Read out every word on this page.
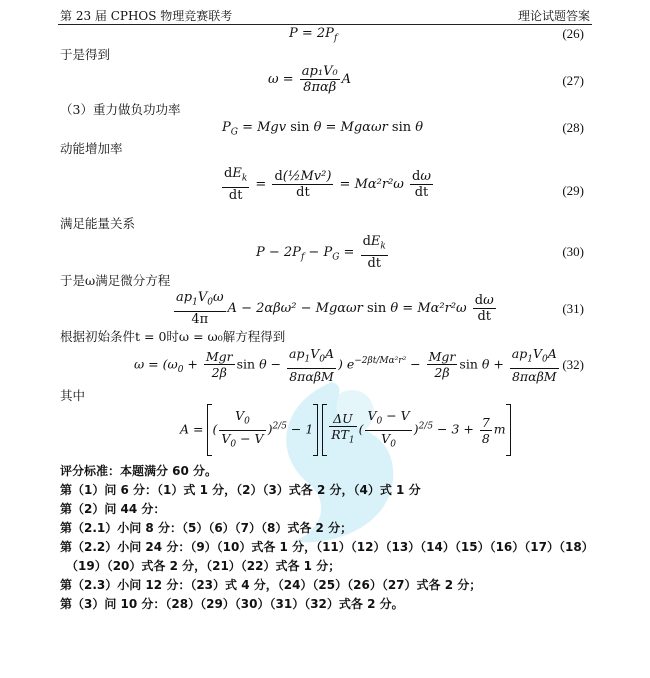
第 23 届 CPHOS 物理竞赛联考	理论试题答案
$P = 2P_f$	(26)
于是得到
$\omega = \frac{\text{ap₁V₀}}{\text{8παβ}}$ A	(27)
（3）重力做负功功率
$P_G$ = Mgv sin θ = Mgαωr sin θ	(28)
动能增加率
$\frac{dE_k}{dt} = \frac{\text{d(½Mv²)}}{dt} = M\alpha^2r^2\omega \frac{d\omega}{dt}$	(29)
满足能量关系
$P - 2P_f - P_G = \frac{dE_k}{dt}$	(30)
于是ω满足微分方程
$\frac{ap_1V_0\omega}{4\pi}$ A − 2αβω² − Mgαωr $\sin \theta = M\alpha^2r^2\omega \frac{d\omega}{dt}$	(31)
根据初始条件t = 0时ω = ω₀解方程得到
$\omega = (\omega_0 + \frac{\text{Mgr}}{2\beta}$ $\sin \theta - \frac{ap_1V_0A}{\text{8παβM}}$ ) $e^{-2\beta t/M\alpha^2r^2} - \frac{\text{Mgr}}{2\beta}$ $\sin \theta + \frac{ap_1V_0A}{\text{8παβM}} (32)$
其中
A = ( $\frac{V_0}{V_0 - V} )^{2/5} - 1 \frac{\Delta U}{RT_1}$ ( $\frac{V_0 - V}{V_0} )^{2/5} - 3 + \frac{7}{8}$ m
评分标准：本题满分 60 分。
第（1）问 6 分：（1）式 1 分，（2）（3）式各 2 分，（4）式 1 分
第（2）问 44 分：
第（2.1）小问 8 分：（5）（6）（7）（8）式各 2 分；
第（2.2）小问 24 分：（9）（10）式各 1 分，（11）（12）（13）（14）（15）（16）（17）（18）
（19）（20）式各 2 分，（21）（22）式各 1 分；
第（2.3）小问 12 分：（23）式 4 分，（24）（25）（26）（27）式各 2 分；
第（3）问 10 分：（28）（29）（30）（31）（32）式各 2 分。
